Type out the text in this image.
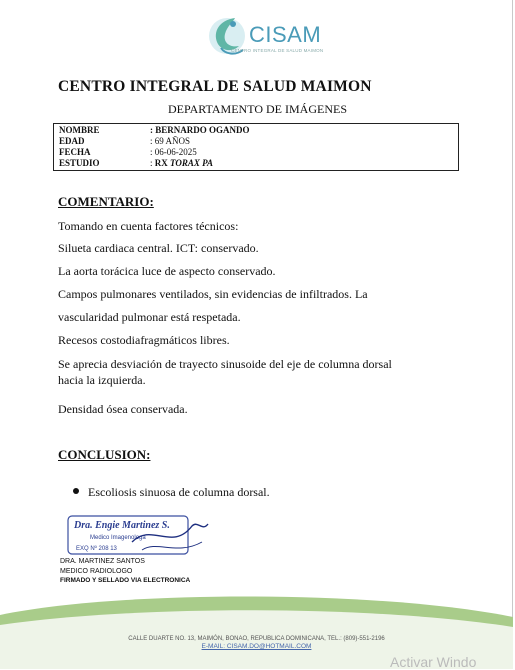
CISAM
CENTRO INTEGRAL DE SALUD MAIMON
CENTRO INTEGRAL DE SALUD MAIMON
DEPARTAMENTO DE IMÁGENES
NOMBRE	: BERNARDO OGANDO
EDAD	: 69 AÑOS
FECHA	: 06-06-2025
ESTUDIO	: RX TORAX PA
COMENTARIO:
Tomando en cuenta factores técnicos:
Silueta cardiaca central. ICT: conservado.
La aorta torácica luce de aspecto conservado.
Campos pulmonares ventilados, sin evidencias de infiltrados. La
vascularidad pulmonar está respetada.
Recesos costodiafragmáticos libres.
Se aprecia desviación de trayecto sinusoide del eje de columna dorsal
hacia la izquierda.
Densidad ósea conservada.
CONCLUSION:
Escoliosis sinuosa de columna dorsal.
Dra. Engie Martinez S.
Medico Imagenologa
EXQ Nº 208 13
DRA. MARTINEZ SANTOS
MEDICO RADIOLOGO
FIRMADO Y SELLADO VIA ELECTRONICA
CALLE DUARTE NO. 13, MAIMÓN, BONAO, REPUBLICA DOMINICANA, TEL.: (809)-551-2196
E-MAIL: CISAM.DO@HOTMAIL.COM
Activar Windo
